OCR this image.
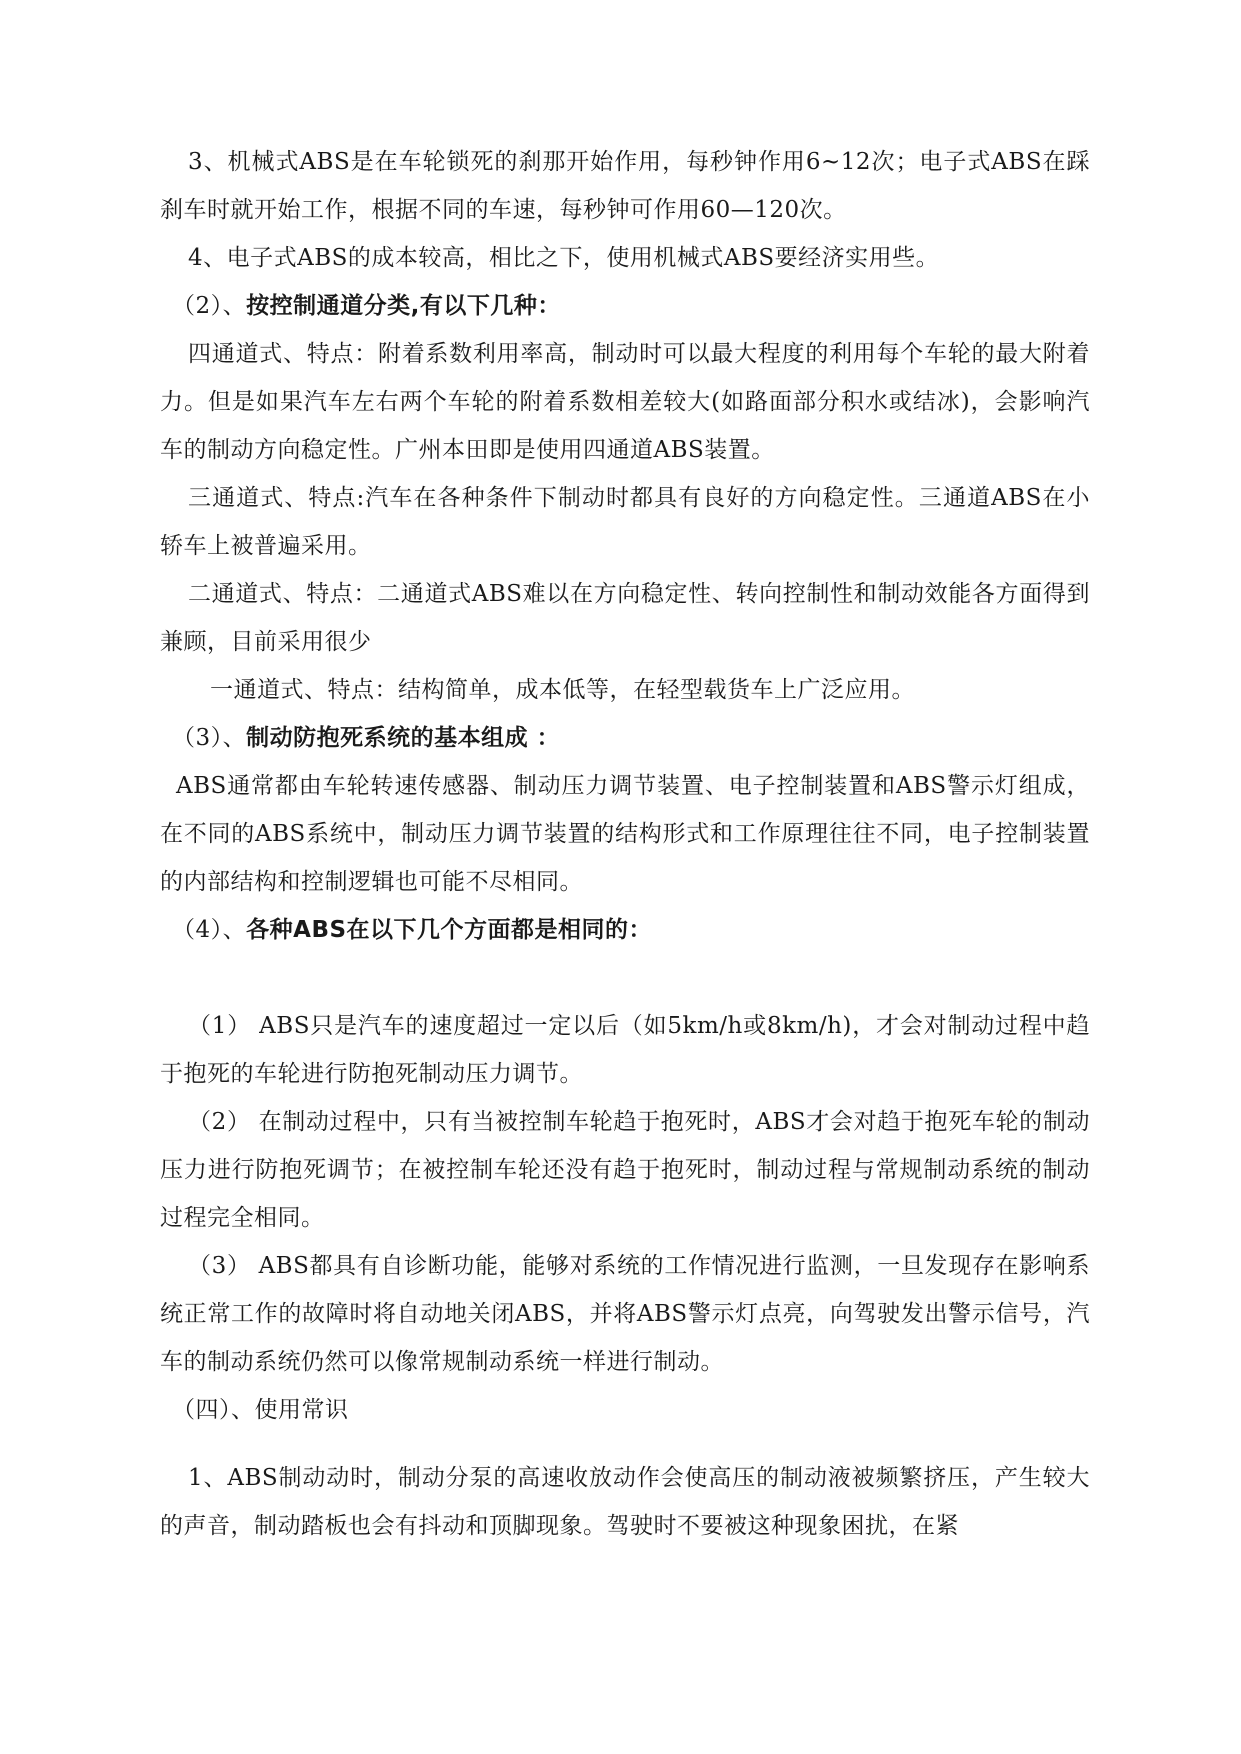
3、机械式ABS是在车轮锁死的刹那开始作用，每秒钟作用6~12次；电子式ABS在踩刹车时就开始工作，根据不同的车速，每秒钟可作用60—120次。

4、电子式ABS的成本较高，相比之下，使用机械式ABS要经济实用些。

（2）、按控制通道分类,有以下几种：

四通道式、特点：附着系数利用率高，制动时可以最大程度的利用每个车轮的最大附着力。但是如果汽车左右两个车轮的附着系数相差较大(如路面部分积水或结冰)，会影响汽车的制动方向稳定性。广州本田即是使用四通道ABS装置。

三通道式、特点:汽车在各种条件下制动时都具有良好的方向稳定性。三通道ABS在小轿车上被普遍采用。

二通道式、特点：二通道式ABS难以在方向稳定性、转向控制性和制动效能各方面得到兼顾，目前采用很少

一通道式、特点：结构简单，成本低等，在轻型载货车上广泛应用。

（3）、制动防抱死系统的基本组成 ：

ABS通常都由车轮转速传感器、制动压力调节装置、电子控制装置和ABS警示灯组成，在不同的ABS系统中，制动压力调节装置的结构形式和工作原理往往不同，电子控制装置的内部结构和控制逻辑也可能不尽相同。

（4）、各种ABS在以下几个方面都是相同的：

（1） ABS只是汽车的速度超过一定以后（如5km/h或8km/h)，才会对制动过程中趋于抱死的车轮进行防抱死制动压力调节。

（2） 在制动过程中，只有当被控制车轮趋于抱死时，ABS才会对趋于抱死车轮的制动压力进行防抱死调节；在被控制车轮还没有趋于抱死时，制动过程与常规制动系统的制动过程完全相同。

（3） ABS都具有自诊断功能，能够对系统的工作情况进行监测，一旦发现存在影响系统正常工作的故障时将自动地关闭ABS，并将ABS警示灯点亮，向驾驶发出警示信号，汽车的制动系统仍然可以像常规制动系统一样进行制动。

（四）、使用常识

1、ABS制动动时，制动分泵的高速收放动作会使高压的制动液被频繁挤压，产生较大的声音，制动踏板也会有抖动和顶脚现象。驾驶时不要被这种现象困扰，在紧
